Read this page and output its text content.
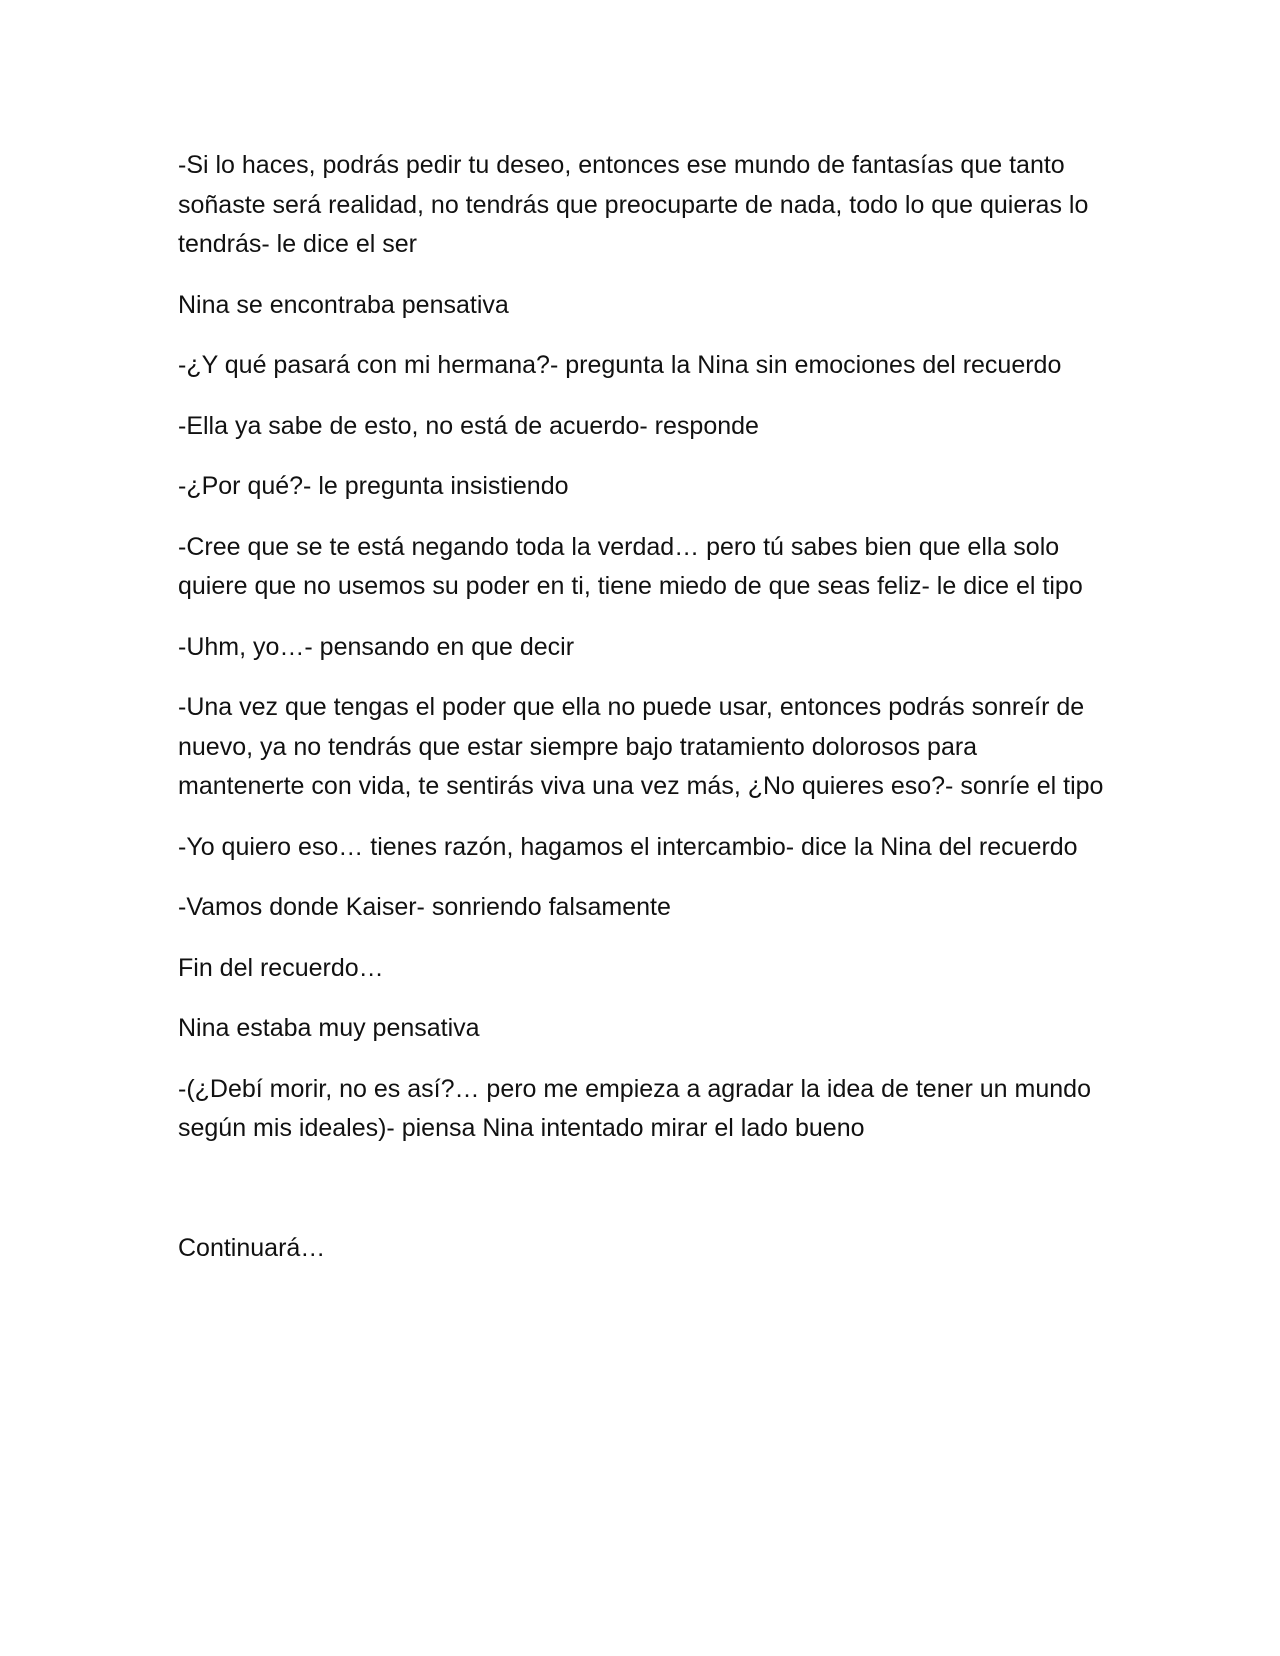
-Si lo haces, podrás pedir tu deseo, entonces ese mundo de fantasías que tanto soñaste será realidad, no tendrás que preocuparte de nada, todo lo que quieras lo tendrás- le dice el ser

Nina se encontraba pensativa

-¿Y qué pasará con mi hermana?- pregunta la Nina sin emociones del recuerdo

-Ella ya sabe de esto, no está de acuerdo- responde

-¿Por qué?- le pregunta insistiendo

-Cree que se te está negando toda la verdad… pero tú sabes bien que ella solo quiere que no usemos su poder en ti, tiene miedo de que seas feliz- le dice el tipo

-Uhm, yo…- pensando en que decir

-Una vez que tengas el poder que ella no puede usar, entonces podrás sonreír de nuevo, ya no tendrás que estar siempre bajo tratamiento dolorosos para mantenerte con vida, te sentirás viva una vez más, ¿No quieres eso?- sonríe el tipo

-Yo quiero eso… tienes razón, hagamos el intercambio- dice la Nina del recuerdo

-Vamos donde Kaiser- sonriendo falsamente

Fin del recuerdo…

Nina estaba muy pensativa

-(¿Debí morir, no es así?… pero me empieza a agradar la idea de tener un mundo según mis ideales)- piensa Nina intentado mirar el lado bueno

Continuará…
